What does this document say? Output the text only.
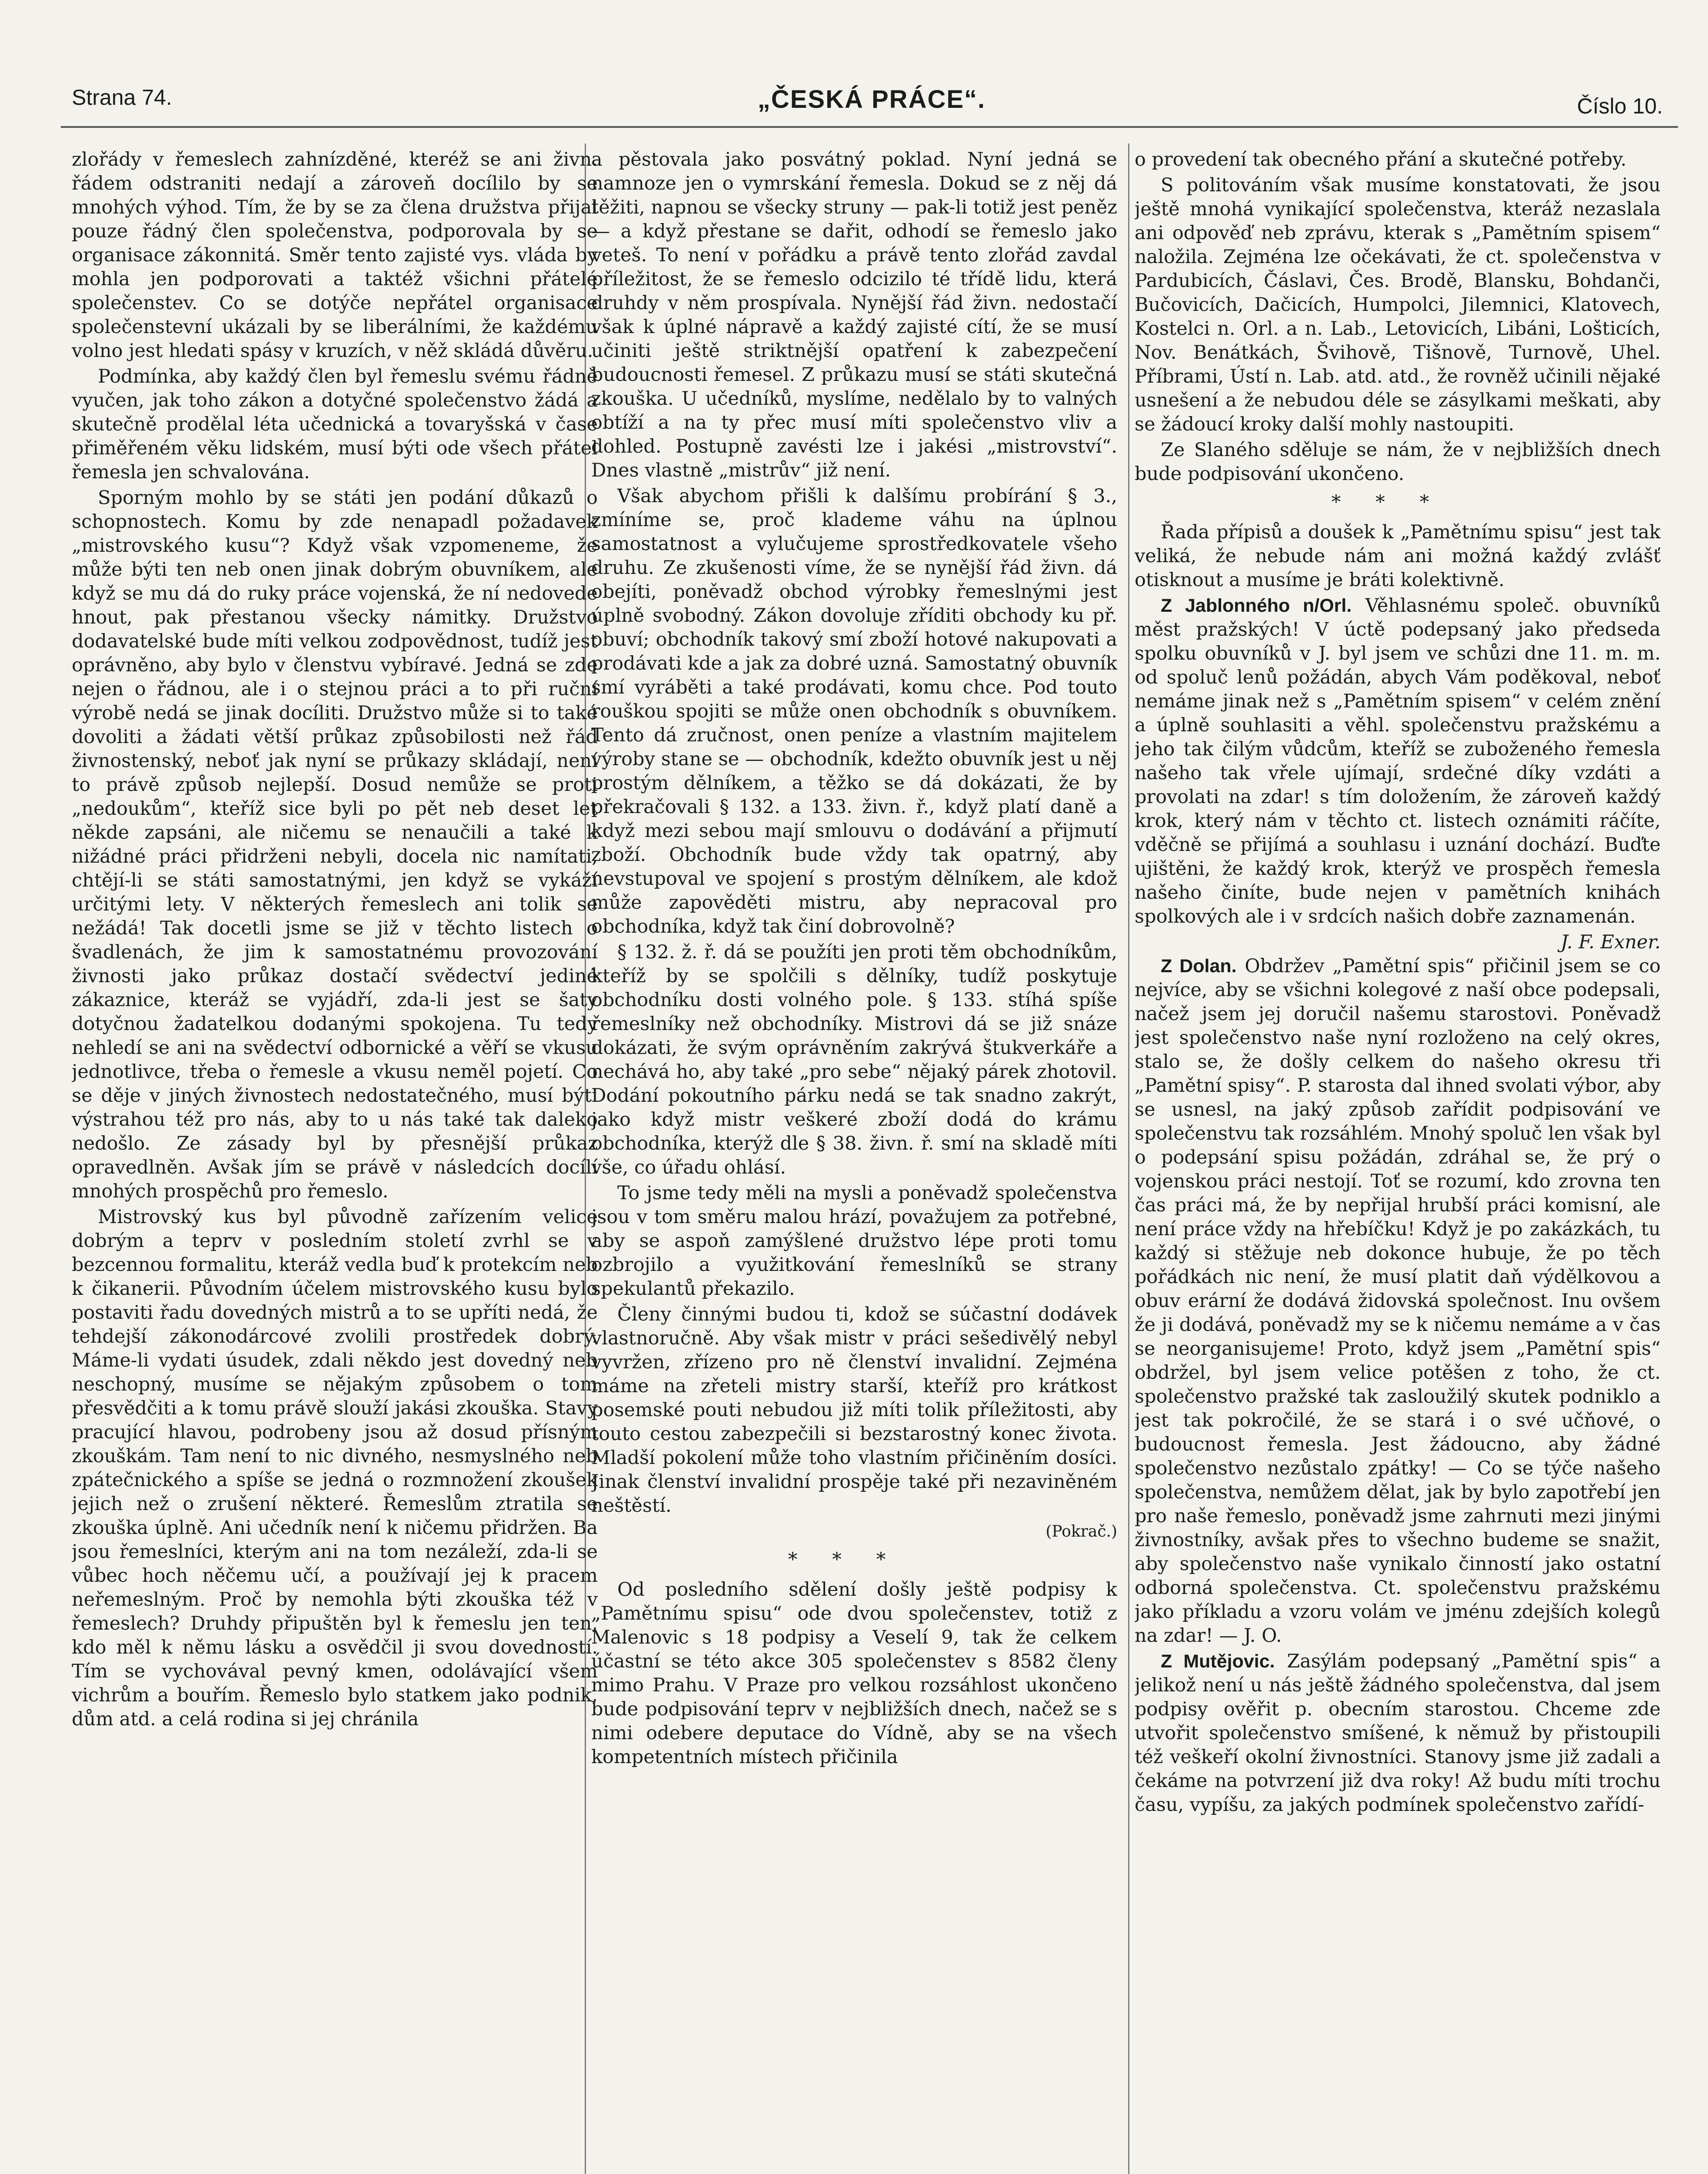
Strana 74.	„ČESKÁ PRÁCE“.	Číslo 10.

zlořády v řemeslech zahnízděné, kteréž se ani živn. řádem odstraniti nedají a zároveň docílilo by se mnohých výhod. Tím, že by se za člena družstva přijal pouze řádný člen společenstva, podporovala by se organisace zákonnitá. Směr tento zajisté vys. vláda by mohla jen podporovati a taktéž všichni přátelé společenstev. Co se dotýče nepřátel organisace společenstevní ukázali by se liberálními, že každému volno jest hledati spásy v kruzích, v něž skládá důvěru.

Podmínka, aby každý člen byl řemeslu svému řádně vyučen, jak toho zákon a dotyčné společenstvo žádá a skutečně prodělal léta učednická a tovaryšská v čase přiměřeném věku lidském, musí býti ode všech přátel řemesla jen schvalována.

Sporným mohlo by se státi jen podání důkazů o schopnostech. Komu by zde nenapadl požadavek „mistrovského kusu“? Když však vzpomeneme, že může býti ten neb onen jinak dobrým obuvníkem, ale když se mu dá do ruky práce vojenská, že ní nedovede hnout, pak přestanou všecky námitky. Družstvo dodavatelské bude míti velkou zodpovědnost, tudíž jest oprávněno, aby bylo v členstvu vybíravé. Jedná se zde nejen o řádnou, ale i o stejnou práci a to při ruční výrobě nedá se jinak docíliti. Družstvo může si to také dovoliti a žádati větší průkaz způsobilosti než řád živnostenský, neboť jak nyní se průkazy skládají, není to právě způsob nejlepší. Dosud nemůže se proti „nedoukům“, kteříž sice byli po pět neb deset let někde zapsáni, ale ničemu se nenaučili a také k nižádné práci přidrženi nebyli, docela nic namítati, chtějí-li se státi samostatnými, jen když se vykáží určitými lety. V některých řemeslech ani tolik se nežádá! Tak docetli jsme se již v těchto listech o švadlenách, že jim k samostatnému provozování živnosti jako průkaz dostačí svědectví jediné zákaznice, kteráž se vyjádří, zda-li jest se šaty dotyčnou žadatelkou dodanými spokojena. Tu tedy nehledí se ani na svědectví odbornické a věří se vkusu jednotlivce, třeba o řemesle a vkusu neměl pojetí. Co se děje v jiných živnostech nedostatečného, musí býti výstrahou též pro nás, aby to u nás také tak daleko nedošlo. Ze zásady byl by přesnější průkaz opravedlněn. Avšak jím se právě v následcích docílí mnohých prospěchů pro řemeslo.

Mistrovský kus byl původně zařízením velice dobrým a teprv v posledním století zvrhl se v bezcennou formalitu, kteráž vedla buď k protekcím neb k čikanerii. Původním účelem mistrovského kusu bylo postaviti řadu dovedných mistrů a to se upříti nedá, že tehdejší zákonodárcové zvolili prostředek dobrý. Máme-li vydati úsudek, zdali někdo jest dovedný neb neschopný, musíme se nějakým způsobem o tom přesvědčiti a k tomu právě slouží jakási zkouška. Stavy pracující hlavou, podrobeny jsou až dosud přísným zkouškám. Tam není to nic divného, nesmyslného neb zpátečnického a spíše se jedná o rozmnožení zkoušek jejich než o zrušení některé. Řemeslům ztratila se zkouška úplně. Ani učedník není k ničemu přidržen. Ba jsou řemeslníci, kterým ani na tom nezáleží, zda-li se vůbec hoch něčemu učí, a používají jej k pracem neřemeslným. Proč by nemohla býti zkouška též v řemeslech? Druhdy připuštěn byl k řemeslu jen ten, kdo měl k němu lásku a osvědčil ji svou dovedností. Tím se vychovával pevný kmen, odolávající všem vichrům a bouřím. Řemeslo bylo statkem jako podnik, dům atd. a celá rodina si jej chránila

a pěstovala jako posvátný poklad. Nyní jedná se namnoze jen o vymrskání řemesla. Dokud se z něj dá těžiti, napnou se všecky struny — pak-li totiž jest peněz — a když přestane se dařit, odhodí se řemeslo jako veteš. To není v pořádku a právě tento zlořád zavdal příležitost, že se řemeslo odcizilo té třídě lidu, která druhdy v něm prospívala. Nynější řád živn. nedostačí však k úplné nápravě a každý zajisté cítí, že se musí učiniti ještě striktnější opatření k zabezpečení budoucnosti řemesel. Z průkazu musí se státi skutečná zkouška. U učedníků, myslíme, nedělalo by to valných obtíží a na ty přec musí míti společenstvo vliv a dohled. Postupně zavésti lze i jakési „mistrovství“. Dnes vlastně „mistrův“ již není.

Však abychom přišli k dalšímu probírání § 3., zmíníme se, proč klademe váhu na úplnou samostatnost a vylučujeme sprostředkovatele všeho druhu. Ze zkušenosti víme, že se nynější řád živn. dá obejíti, poněvadž obchod výrobky řemeslnými jest úplně svobodný. Zákon dovoluje zříditi obchody ku př. obuví; obchodník takový smí zboží hotové nakupovati a prodávati kde a jak za dobré uzná. Samostatný obuvník smí vyráběti a také prodávati, komu chce. Pod touto rouškou spojiti se může onen obchodník s obuvníkem. Tento dá zručnost, onen peníze a vlastním majitelem výroby stane se — obchodník, kdežto obuvník jest u něj prostým dělníkem, a těžko se dá dokázati, že by překračovali § 132. a 133. živn. ř., když platí daně a když mezi sebou mají smlouvu o dodávání a přijmutí zboží. Obchodník bude vždy tak opatrný, aby nevstupoval ve spojení s prostým dělníkem, ale kdož může zapověděti mistru, aby nepracoval pro obchodníka, když tak činí dobrovolně?

§ 132. ž. ř. dá se použíti jen proti těm obchodníkům, kteříž by se spolčili s dělníky, tudíž poskytuje obchodníku dosti volného pole. § 133. stíhá spíše řemeslníky než obchodníky. Mistrovi dá se již snáze dokázati, že svým oprávněním zakrývá štukverkáře a nechává ho, aby také „pro sebe“ nějaký párek zhotovil. Dodání pokoutního párku nedá se tak snadno zakrýt, jako když mistr veškeré zboží dodá do krámu obchodníka, kterýž dle § 38. živn. ř. smí na skladě míti vše, co úřadu ohlásí.

To jsme tedy měli na mysli a poněvadž společenstva jsou v tom směru malou hrází, považujem za potřebné, aby se aspoň zamýšlené družstvo lépe proti tomu ozbrojilo a využitkování řemeslníků se strany spekulantů překazilo.

Členy činnými budou ti, kdož se súčastní dodávek vlastnoručně. Aby však mistr v práci sešedivělý nebyl vyvržen, zřízeno pro ně členství invalidní. Zejména máme na zřeteli mistry starší, kteříž pro krátkost posemské pouti nebudou již míti tolik příležitosti, aby touto cestou zabezpečili si bezstarostný konec života. Mladší pokolení může toho vlastním přičiněním dosíci. Jinak členství invalidní prospěje také při nezaviněném neštěstí.

(Pokrač.)
***

Od posledního sdělení došly ještě podpisy k „Pamětnímu spisu“ ode dvou společenstev, totiž z Malenovic s 18 podpisy a Veselí 9, tak že celkem účastní se této akce 305 společenstev s 8582 členy mimo Prahu. V Praze pro velkou rozsáhlost ukončeno bude podpisování teprv v nejbližších dnech, načež se s nimi odebere deputace do Vídně, aby se na všech kompetentních místech přičinila

o provedení tak obecného přání a skutečné potřeby.

S politováním však musíme konstatovati, že jsou ještě mnohá vynikající společenstva, kteráž nezaslala ani odpověď neb zprávu, kterak s „Pamětním spisem“ naložila. Zejména lze očekávati, že ct. společenstva v Pardubicích, Čáslavi, Čes. Brodě, Blansku, Bohdanči, Bučovicích, Dačicích, Humpolci, Jilemnici, Klatovech, Kostelci n. Orl. a n. Lab., Letovicích, Libáni, Lošticích, Nov. Benátkách, Švihově, Tišnově, Turnově, Uhel. Příbrami, Ústí n. Lab. atd. atd., že rovněž učinili nějaké usnešení a že nebudou déle se zásylkami meškati, aby se žádoucí kroky další mohly nastoupiti.

Ze Slaného sděluje se nám, že v nejbližších dnech bude podpisování ukončeno.

***

Řada přípisů a doušek k „Pamětnímu spisu“ jest tak veliká, že nebude nám ani možná každý zvlášť otisknout a musíme je bráti kolektivně.

Z Jablonného n/Orl. Věhlasnému společ. obuvníků měst pražských! V úctě podepsaný jako předseda spolku obuvníků v J. byl jsem ve schůzi dne 11. m. m. od spoluč lenů požádán, abych Vám poděkoval, neboť nemáme jinak než s „Pamětním spisem“ v celém znění a úplně souhlasiti a věhl. společenstvu pražskému a jeho tak čilým vůdcům, kteříž se zuboženého řemesla našeho tak vřele ujímají, srdečné díky vzdáti a provolati na zdar! s tím doložením, že zároveň každý krok, který nám v těchto ct. listech oznámiti ráčíte, vděčně se přijímá a souhlasu i uznání dochází. Buďte ujištěni, že každý krok, kterýž ve prospěch řemesla našeho činíte, bude nejen v pamětních knihách spolkových ale i v srdcích našich dobře zaznamenán.

J. F. Exner.

Z Dolan. Obdržev „Pamětní spis“ přičinil jsem se co nejvíce, aby se všichni kolegové z naší obce podepsali, načež jsem jej doručil našemu starostovi. Poněvadž jest společenstvo naše nyní rozloženo na celý okres, stalo se, že došly celkem do našeho okresu tři „Pamětní spisy“. P. starosta dal ihned svolati výbor, aby se usnesl, na jaký způsob zařídit podpisování ve společenstvu tak rozsáhlém. Mnohý spoluč len však byl o podepsání spisu požádán, zdráhal se, že prý o vojenskou práci nestojí. Toť se rozumí, kdo zrovna ten čas práci má, že by nepřijal hrubší práci komisní, ale není práce vždy na hřebíčku! Když je po zakázkách, tu každý si stěžuje neb dokonce hubuje, že po těch pořádkách nic není, že musí platit daň výdělkovou a obuv erární že dodává židovská společnost. Inu ovšem že ji dodává, poněvadž my se k ničemu nemáme a v čas se neorganisujeme! Proto, když jsem „Pamětní spis“ obdržel, byl jsem velice potěšen z toho, že ct. společenstvo pražské tak zasloužilý skutek podniklo a jest tak pokročilé, že se stará i o své učňové, o budoucnost řemesla. Jest žádoucno, aby žádné společenstvo nezůstalo zpátky! — Co se týče našeho společenstva, nemůžem dělat, jak by bylo zapotřebí jen pro naše řemeslo, poněvadž jsme zahrnuti mezi jinými živnostníky, avšak přes to všechno budeme se snažit, aby společenstvo naše vynikalo činností jako ostatní odborná společenstva. Ct. společenstvu pražskému jako příkladu a vzoru volám ve jménu zdejších kolegů na zdar! — J. O.

Z Mutějovic. Zasýlám podepsaný „Pamětní spis“ a jelikož není u nás ještě žádného společenstva, dal jsem podpisy ověřit p. obecním starostou. Chceme zde utvořit společenstvo smíšené, k němuž by přistoupili též veškeří okolní živnostníci. Stanovy jsme již zadali a čekáme na potvrzení již dva roky! Až budu míti trochu času, vypíšu, za jakých podmínek společenstvo zařídí-
